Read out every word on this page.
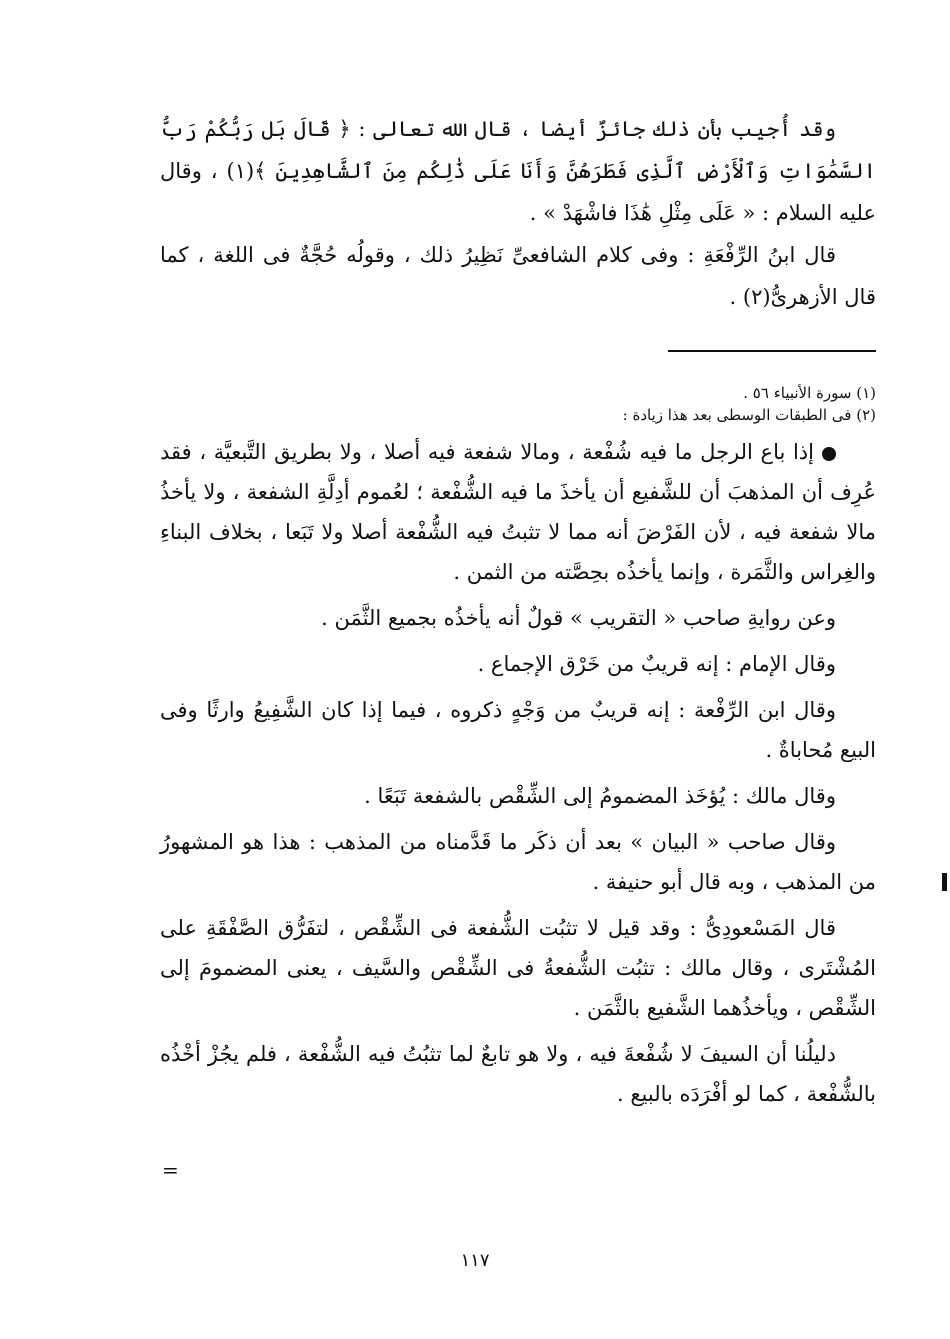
وقد أُجيب بأن ذلك جائزٌ أيضا ، قال الله تعالى : ﴿ قَالَ بَل رَبُّكُمْ رَبُّ السَّمَٰوَاتِ وَٱلْأَرْضِ ٱلَّذِى فَطَرَهُنَّ وَأَنَا عَلَى ذَٰلِكُم مِنَ ٱلشَّاهِدِينَ ﴾(١) ، وقال عليه السلام : « عَلَى مِثْلِ هَٰذَا فاشْهَدْ » .

قال ابنُ الرِّفْعَةِ : وفى كلام الشافعىِّ نَظِيرُ ذلك ، وقولُه حُجَّةٌ فى اللغة ، كما قال الأزهرىُّ(٢) .

(١) سورة الأنبياء ٥٦ .

(٢) فى الطبقات الوسطى بعد هذا زيادة :

إذا باع الرجل ما فيه شُفْعة ، ومالا شفعة فيه أصلا ، ولا بطريق التَّبعيَّة ، فقد عُرِف أن المذهبَ أن للشَّفيع أن يأخذَ ما فيه الشُّفْعة ؛ لعُموم أدِلَّةِ الشفعة ، ولا يأخذُ مالا شفعة فيه ، لأن الفَرْضَ أنه مما لا تثبتُ فيه الشُّفْعة أصلا ولا تَبَعا ، بخلاف البناءِ والغِراس والثَّمَرة ، وإنما يأخذُه بحِصَّته من الثمن .

وعن روايةِ صاحب « التقريب » قولٌ أنه يأخذُه بجميع الثَّمَن .

وقال الإمام : إنه قريبٌ من خَرْق الإجماع .

وقال ابن الرِّفْعة : إنه قريبٌ من وَجْهٍ ذكروه ، فيما إذا كان الشَّفِيعُ وارثًا وفى البيع مُحاباةٌ .

وقال مالك : يُؤخَذ المضمومُ إلى الشِّقْص بالشفعة تَبَعًا .

وقال صاحب « البيان » بعد أن ذكَر ما قَدَّمناه من المذهب : هذا هو المشهورُ من المذهب ، وبه قال أبو حنيفة .

قال المَسْعودِىُّ : وقد قيل لا تثبُت الشُّفعة فى الشِّقْص ، لتفَرُّق الصَّفْقَةِ على المُشْتَرى ، وقال مالك : تثبُت الشُّفعةُ فى الشِّقْص والسَّيف ، يعنى المضمومَ إلى الشِّقْص ، ويأخذُهما الشَّفيع بالثَّمَن .

دليلُنا أن السيفَ لا شُفْعةَ فيه ، ولا هو تابعٌ لما تثبُتُ فيه الشُّفْعة ، فلم يجُزْ أخْذُه بالشُّفْعة ، كما لو أفْرَدَه بالبيع .

=
١١٧
